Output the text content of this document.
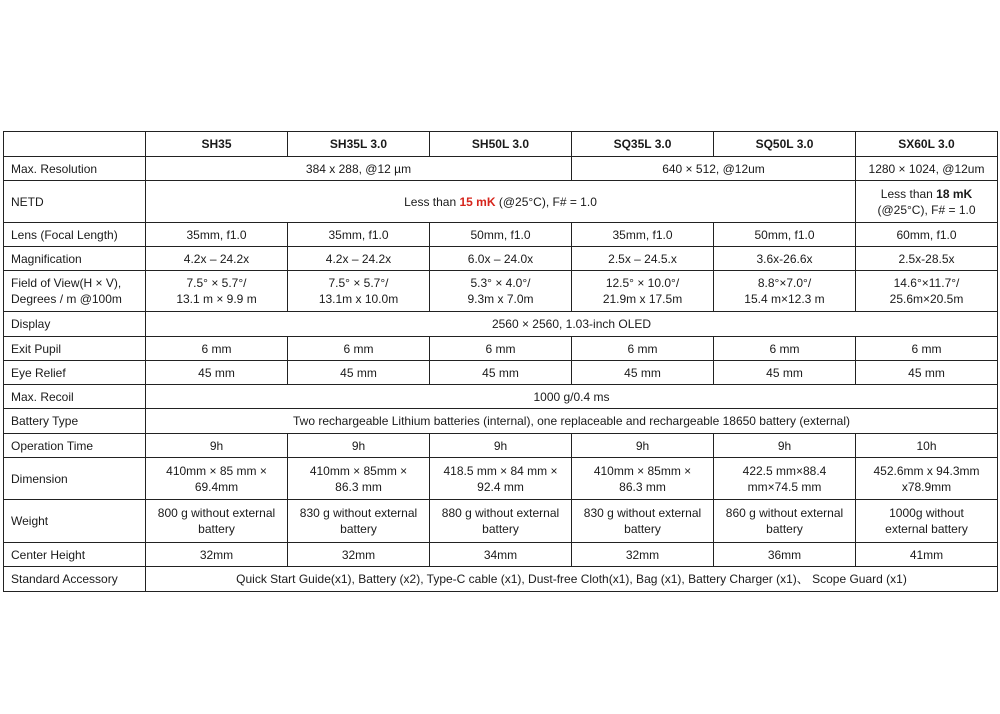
	SH35	SH35L 3.0	SH50L 3.0	SQ35L 3.0	SQ50L 3.0	SX60L 3.0
Max. Resolution	384 x 288, @12 µm			640 × 512, @12um		1280 × 1024, @12um
NETD	Less than 15 mK (@25°C), F# = 1.0					Less than 18 mK
(@25°C), F# = 1.0

Lens (Focal Length)	35mm, f1.0	35mm, f1.0	50mm, f1.0	35mm, f1.0	50mm, f1.0	60mm, f1.0
Magnification	4.2x – 24.2x	4.2x – 24.2x	6.0x – 24.0x	2.5x – 24.5.x	3.6x-26.6x	2.5x-28.5x

Field of View(H × V),
Degrees / m @100m	7.5° × 5.7°/
13.1 m × 9.9 m	7.5° × 5.7°/
13.1m x 10.0m	5.3° × 4.0°/
9.3m x 7.0m	12.5° × 10.0°/
21.9m x 17.5m	8.8°×7.0°/
15.4 m×12.3 m	14.6°×11.7°/
25.6m×20.5m

Display	2560 × 2560, 1.03-inch OLED					
Exit Pupil	6 mm	6 mm	6 mm	6 mm	6 mm	6 mm
Eye Relief	45 mm	45 mm	45 mm	45 mm	45 mm	45 mm
Max. Recoil	1000 g/0.4 ms					
Battery Type	Two rechargeable Lithium batteries (internal), one replaceable and rechargeable 18650 battery (external)					
Operation Time	9h	9h	9h	9h	9h	10h
Dimension	410mm × 85 mm ×
69.4mm	410mm × 85mm ×
86.3 mm	418.5 mm × 84 mm ×
92.4 mm	410mm × 85mm ×
86.3 mm	422.5 mm×88.4
mm×74.5 mm	452.6mm x 94.3mm
x78.9mm

Weight	800 g without external
battery	830 g without external
battery	880 g without external
battery	830 g without external
battery	860 g without external
battery	1000g without
external battery

Center Height	32mm	32mm	34mm	32mm	36mm	41mm
Standard Accessory	Quick Start Guide(x1), Battery (x2), Type-C cable (x1), Dust-free Cloth(x1), Bag (x1), Battery Charger (x1)、 Scope Guard (x1)					
